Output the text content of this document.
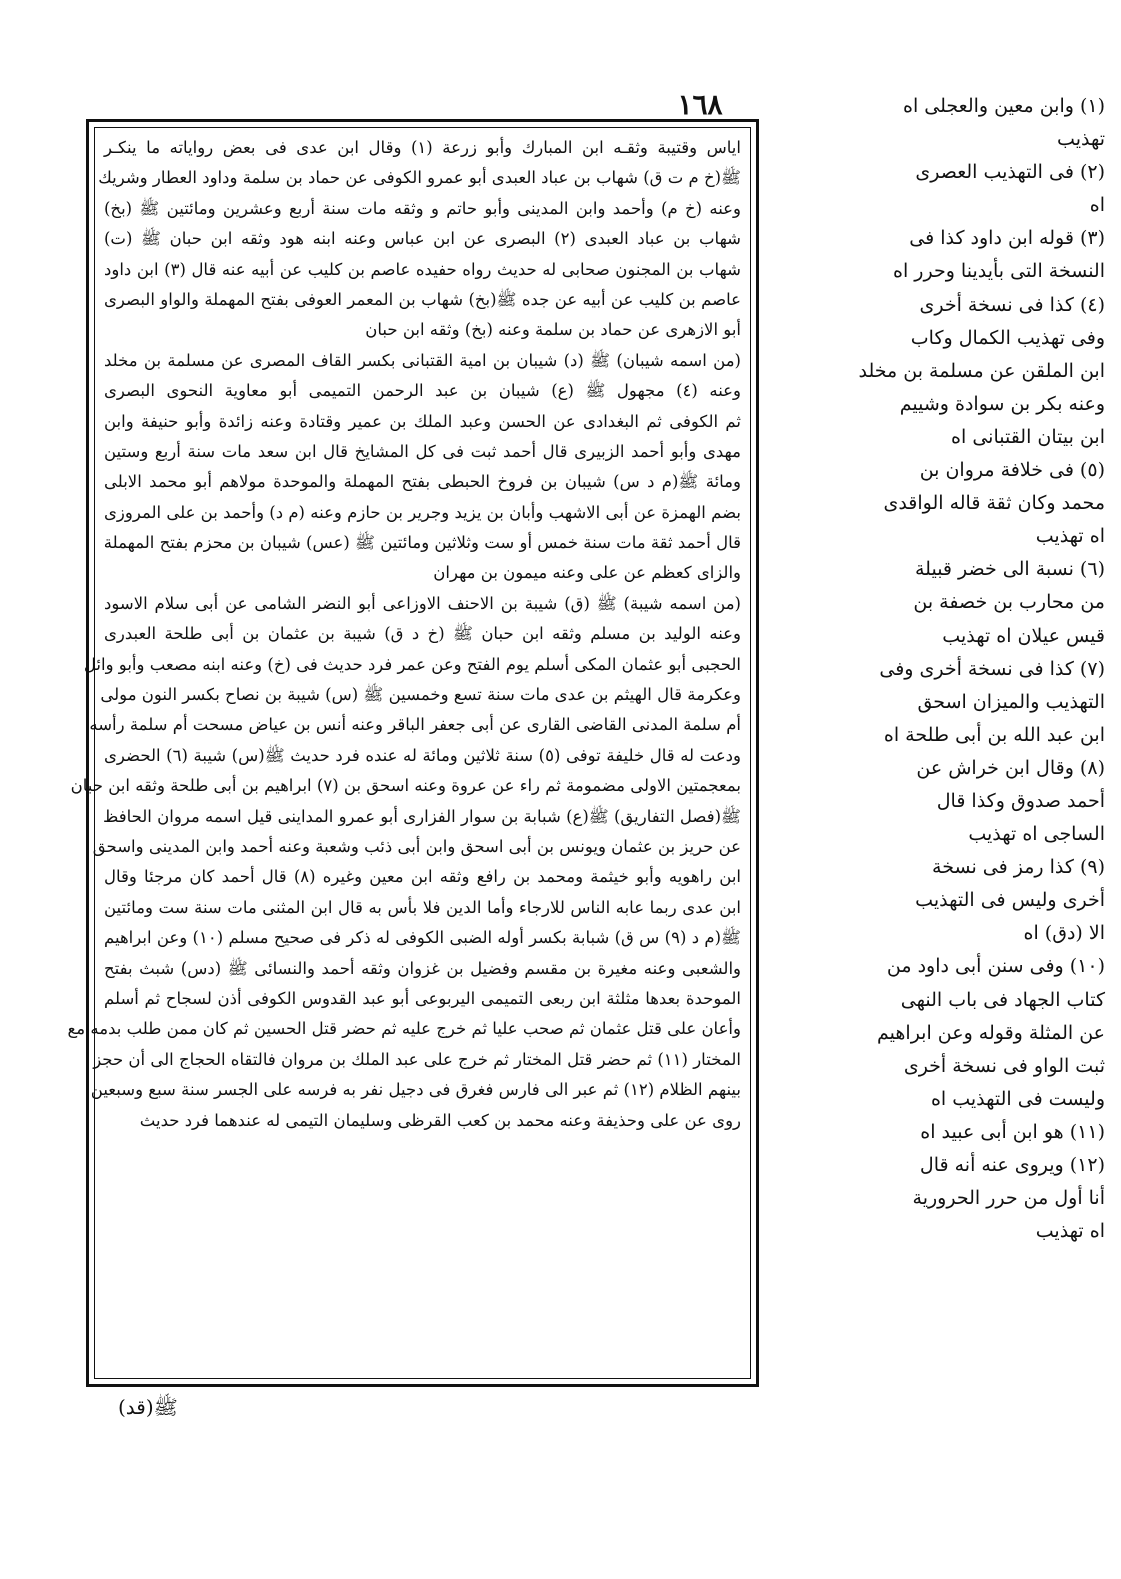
١٦٨
اياس وقتيبة وثقـه ابن المبارك وأبو زرعة (١) وقال ابن عدى فى بعض رواياته ما ينكـر
ﷺ(خ م ت ق) شهاب بن عباد العبدى أبو عمرو الكوفى عن حماد بن سلمة وداود العطار وشريك
وعنه (خ م) وأحمد وابن المدينى وأبو حاتم و وثقه مات سنة أربع وعشرين ومائتين ﷺ (بخ)
شهاب بن عباد العبدى (٢) البصرى عن ابن عباس وعنه ابنه هود وثقه ابن حبان ﷺ (ت)
شهاب بن المجنون صحابى له حديث رواه حفيده عاصم بن كليب عن أبيه عنه قال (٣) ابن داود
عاصم بن كليب عن أبيه عن جده ﷺ(بخ) شهاب بن المعمر العوفى بفتح المهملة والواو البصرى
أبو الازهرى عن حماد بن سلمة وعنه (بخ) وثقه ابن حبان
(من اسمه شيبان) ﷺ (د) شيبان بن امية القتبانى بكسر القاف المصرى عن مسلمة بن مخلد
وعنه (٤) مجهول ﷺ (ع) شيبان بن عبد الرحمن التميمى أبو معاوية النحوى البصرى
ثم الكوفى ثم البغدادى عن الحسن وعبد الملك بن عمير وقتادة وعنه زائدة وأبو حنيفة وابن
مهدى وأبو أحمد الزبيرى قال أحمد ثبت فى كل المشايخ قال ابن سعد مات سنة أربع وستين
ومائة ﷺ(م د س) شيبان بن فروخ الحبطى بفتح المهملة والموحدة مولاهم أبو محمد الابلى
بضم الهمزة عن أبى الاشهب وأبان بن يزيد وجرير بن حازم وعنه (م د) وأحمد بن على المروزى
قال أحمد ثقة مات سنة خمس أو ست وثلاثين ومائتين ﷺ (عس) شيبان بن محزم بفتح المهملة
والزاى كعظم عن على وعنه ميمون بن مهران
(من اسمه شيبة) ﷺ (ق) شيبة بن الاحنف الاوزاعى أبو النضر الشامى عن أبى سلام الاسود
وعنه الوليد بن مسلم وثقه ابن حبان ﷺ (خ د ق) شيبة بن عثمان بن أبى طلحة العبدرى
الحجبى أبو عثمان المكى أسلم يوم الفتح وعن عمر فرد حديث فى (خ) وعنه ابنه مصعب وأبو وائل
وعكرمة قال الهيثم بن عدى مات سنة تسع وخمسين ﷺ (س) شيبة بن نصاح بكسر النون مولى
أم سلمة المدنى القاضى القارى عن أبى جعفر الباقر وعنه أنس بن عياض مسحت أم سلمة رأسه
ودعت له قال خليفة توفى (٥) سنة ثلاثين ومائة له عنده فرد حديث ﷺ(س) شيبة (٦) الحضرى
بمعجمتين الاولى مضمومة ثم راء عن عروة وعنه اسحق بن (٧) ابراهيم بن أبى طلحة وثقه ابن حبان
ﷺ(فصل التفاريق) ﷺ(ع) شبابة بن سوار الفزارى أبو عمرو المداينى قيل اسمه مروان الحافظ
عن حريز بن عثمان ويونس بن أبى اسحق وابن أبى ذئب وشعبة وعنه أحمد وابن المدينى واسحق
ابن راهويه وأبو خيثمة ومحمد بن رافع وثقه ابن معين وغيره (٨) قال أحمد كان مرجئا وقال
ابن عدى ربما عابه الناس للارجاء وأما الدين فلا بأس به قال ابن المثنى مات سنة ست ومائتين
ﷺ(م د (٩) س ق) شبابة بكسر أوله الضبى الكوفى له ذكر فى صحيح مسلم (١٠) وعن ابراهيم
والشعبى وعنه مغيرة بن مقسم وفضيل بن غزوان وثقه أحمد والنسائى ﷺ (دس) شبث بفتح
الموحدة بعدها مثلثة ابن ربعى التميمى اليربوعى أبو عبد القدوس الكوفى أذن لسجاح ثم أسلم
وأعان على قتل عثمان ثم صحب عليا ثم خرج عليه ثم حضر قتل الحسين ثم كان ممن طلب بدمه مع
المختار (١١) ثم حضر قتل المختار ثم خرج على عبد الملك بن مروان فالتقاه الحجاج الى أن حجز
بينهم الظلام (١٢) ثم عبر الى فارس فغرق فى دجيل نفر به فرسه على الجسر سنة سبع وسبعين
روى عن على وحذيفة وعنه محمد بن كعب القرظى وسليمان التيمى له عندهما فرد حديث
(١) وابن معين والعجلى اه
تهذيب
(٢) فى التهذيب العصرى
اه
(٣) قوله ابن داود كذا فى
النسخة التى بأيدينا وحرر اه
(٤) كذا فى نسخة أخرى
وفى تهذيب الكمال وكاب
ابن الملقن عن مسلمة بن مخلد
وعنه بكر بن سوادة وشييم
ابن بيتان القتبانى اه
(٥) فى خلافة مروان بن
محمد وكان ثقة قاله الواقدى
اه تهذيب
(٦) نسبة الى خضر قبيلة
من محارب بن خصفة بن
قيس عيلان اه تهذيب
(٧) كذا فى نسخة أخرى وفى
التهذيب والميزان اسحق
ابن عبد الله بن أبى طلحة اه
(٨) وقال ابن خراش عن
أحمد صدوق وكذا قال
الساجى اه تهذيب
(٩) كذا رمز فى نسخة
أخرى وليس فى التهذيب
الا (دق) اه
(١٠) وفى سنن أبى داود من
كتاب الجهاد فى باب النهى
عن المثلة وقوله وعن ابراهيم
ثبت الواو فى نسخة أخرى
وليست فى التهذيب اه
(١١) هو ابن أبى عبيد اه
(١٢) ويروى عنه أنه قال
أنا أول من حرر الحرورية
اه تهذيب
ﷺ(قد)
